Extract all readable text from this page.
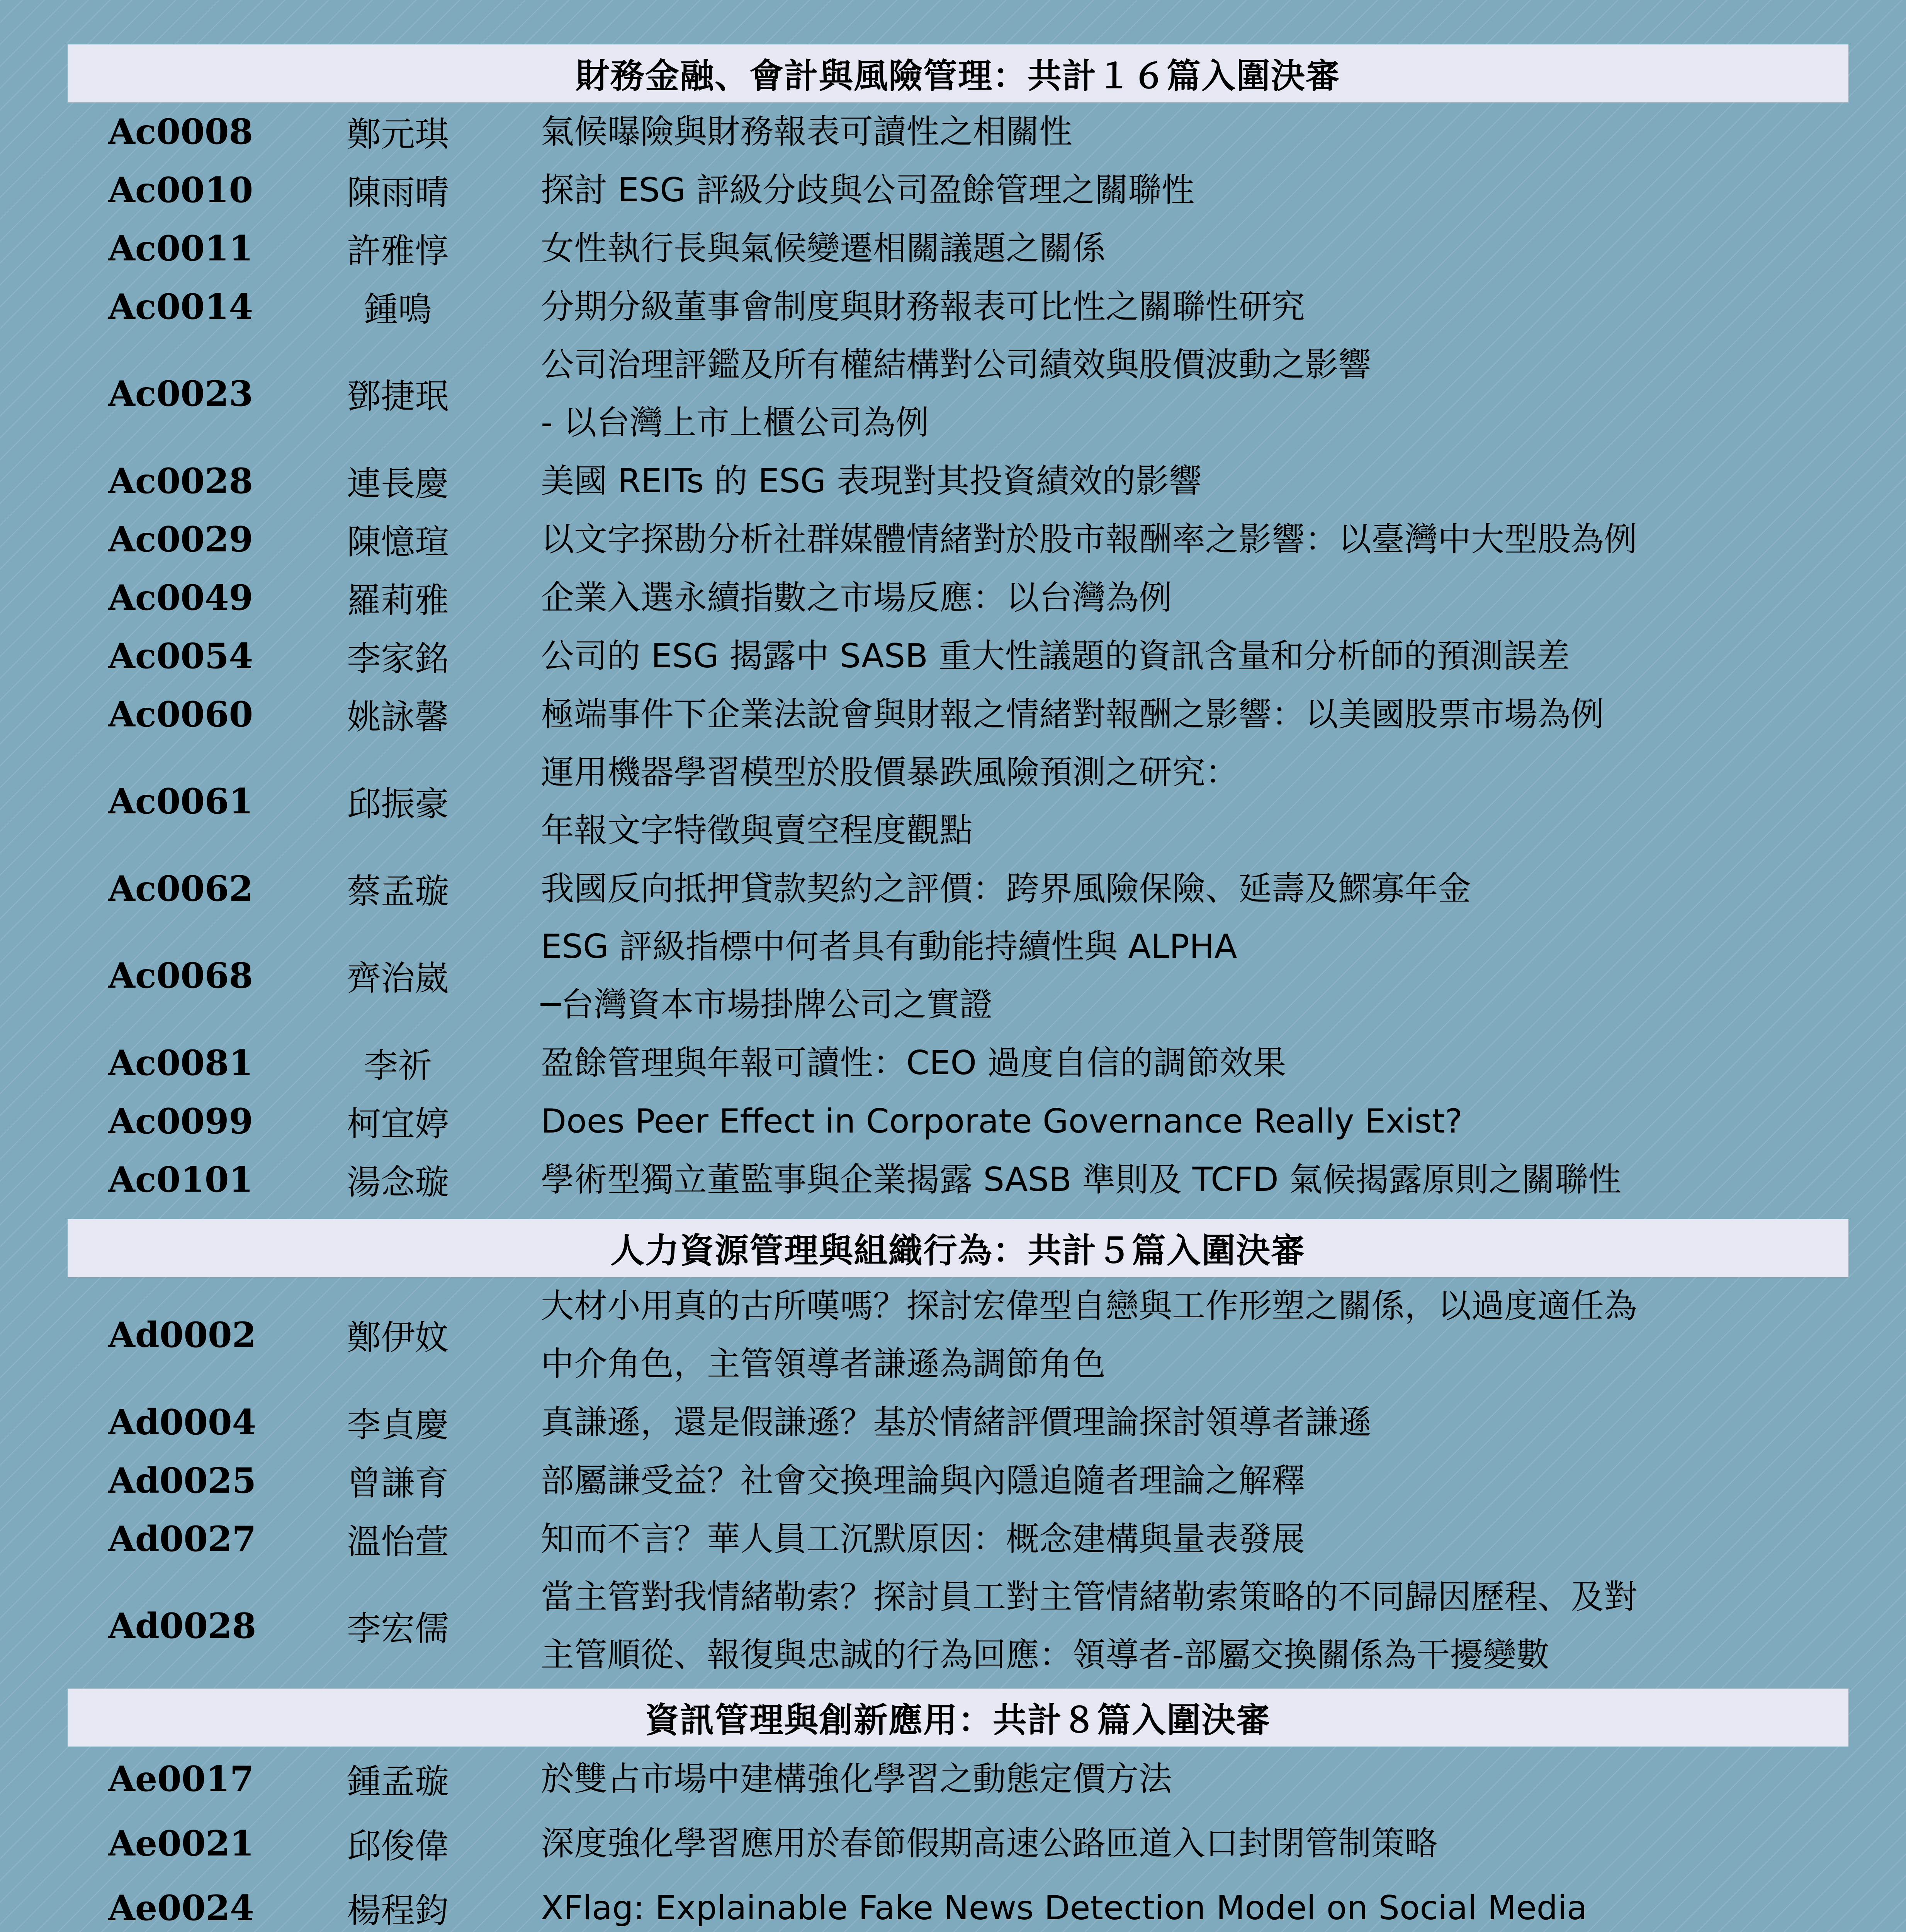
財務金融、會計與風險管理：共計１６篇入圍決審
Ac0008	鄭元琪	氣候曝險與財務報表可讀性之相關性
Ac0010	陳雨晴	探討 ESG 評級分歧與公司盈餘管理之關聯性
Ac0011	許雅惇	女性執行長與氣候變遷相關議題之關係
Ac0014	鍾鳴	分期分級董事會制度與財務報表可比性之關聯性研究
Ac0023	鄧捷珉
公司治理評鑑及所有權結構對公司績效與股價波動之影響
- 以台灣上市上櫃公司為例
Ac0028	連長慶	美國 REITs 的 ESG 表現對其投資績效的影響
Ac0029	陳憶瑄	以文字探勘分析社群媒體情緒對於股市報酬率之影響：以臺灣中大型股為例
Ac0049	羅莉雅	企業入選永續指數之市場反應：以台灣為例
Ac0054	李家銘	公司的 ESG 揭露中 SASB 重大性議題的資訊含量和分析師的預測誤差
Ac0060	姚詠馨	極端事件下企業法說會與財報之情緒對報酬之影響：以美國股票市場為例
Ac0061	邱振豪
運用機器學習模型於股價暴跌風險預測之研究：
年報文字特徵與賣空程度觀點
Ac0062	蔡孟璇	我國反向抵押貸款契約之評價：跨界風險保險、延壽及鰥寡年金
Ac0068	齊治崴
ESG 評級指標中何者具有動能持續性與 ALPHA
─台灣資本市場掛牌公司之實證
Ac0081	李祈	盈餘管理與年報可讀性：CEO 過度自信的調節效果
Ac0099	柯宜婷	Does Peer Effect in Corporate Governance Really Exist?
Ac0101	湯念璇	學術型獨立董監事與企業揭露 SASB 準則及 TCFD 氣候揭露原則之關聯性
人力資源管理與組織行為：共計５篇入圍決審
Ad0002	鄭伊妏
大材小用真的古所嘆嗎？探討宏偉型自戀與工作形塑之關係，以過度適任為
中介角色，主管領導者謙遜為調節角色
Ad0004	李貞慶	真謙遜，還是假謙遜？基於情緒評價理論探討領導者謙遜
Ad0025	曾謙育	部屬謙受益？社會交換理論與內隱追隨者理論之解釋
Ad0027	溫怡萱	知而不言？華人員工沉默原因：概念建構與量表發展
Ad0028	李宏儒
當主管對我情緒勒索？探討員工對主管情緒勒索策略的不同歸因歷程、及對
主管順從、報復與忠誠的行為回應：領導者-部屬交換關係為干擾變數
資訊管理與創新應用：共計８篇入圍決審
Ae0017	鍾孟璇	於雙占市場中建構強化學習之動態定價方法
Ae0021	邱俊偉	深度強化學習應用於春節假期高速公路匝道入口封閉管制策略
Ae0024	楊程鈞	XFlag: Explainable Fake News Detection Model on Social Media
